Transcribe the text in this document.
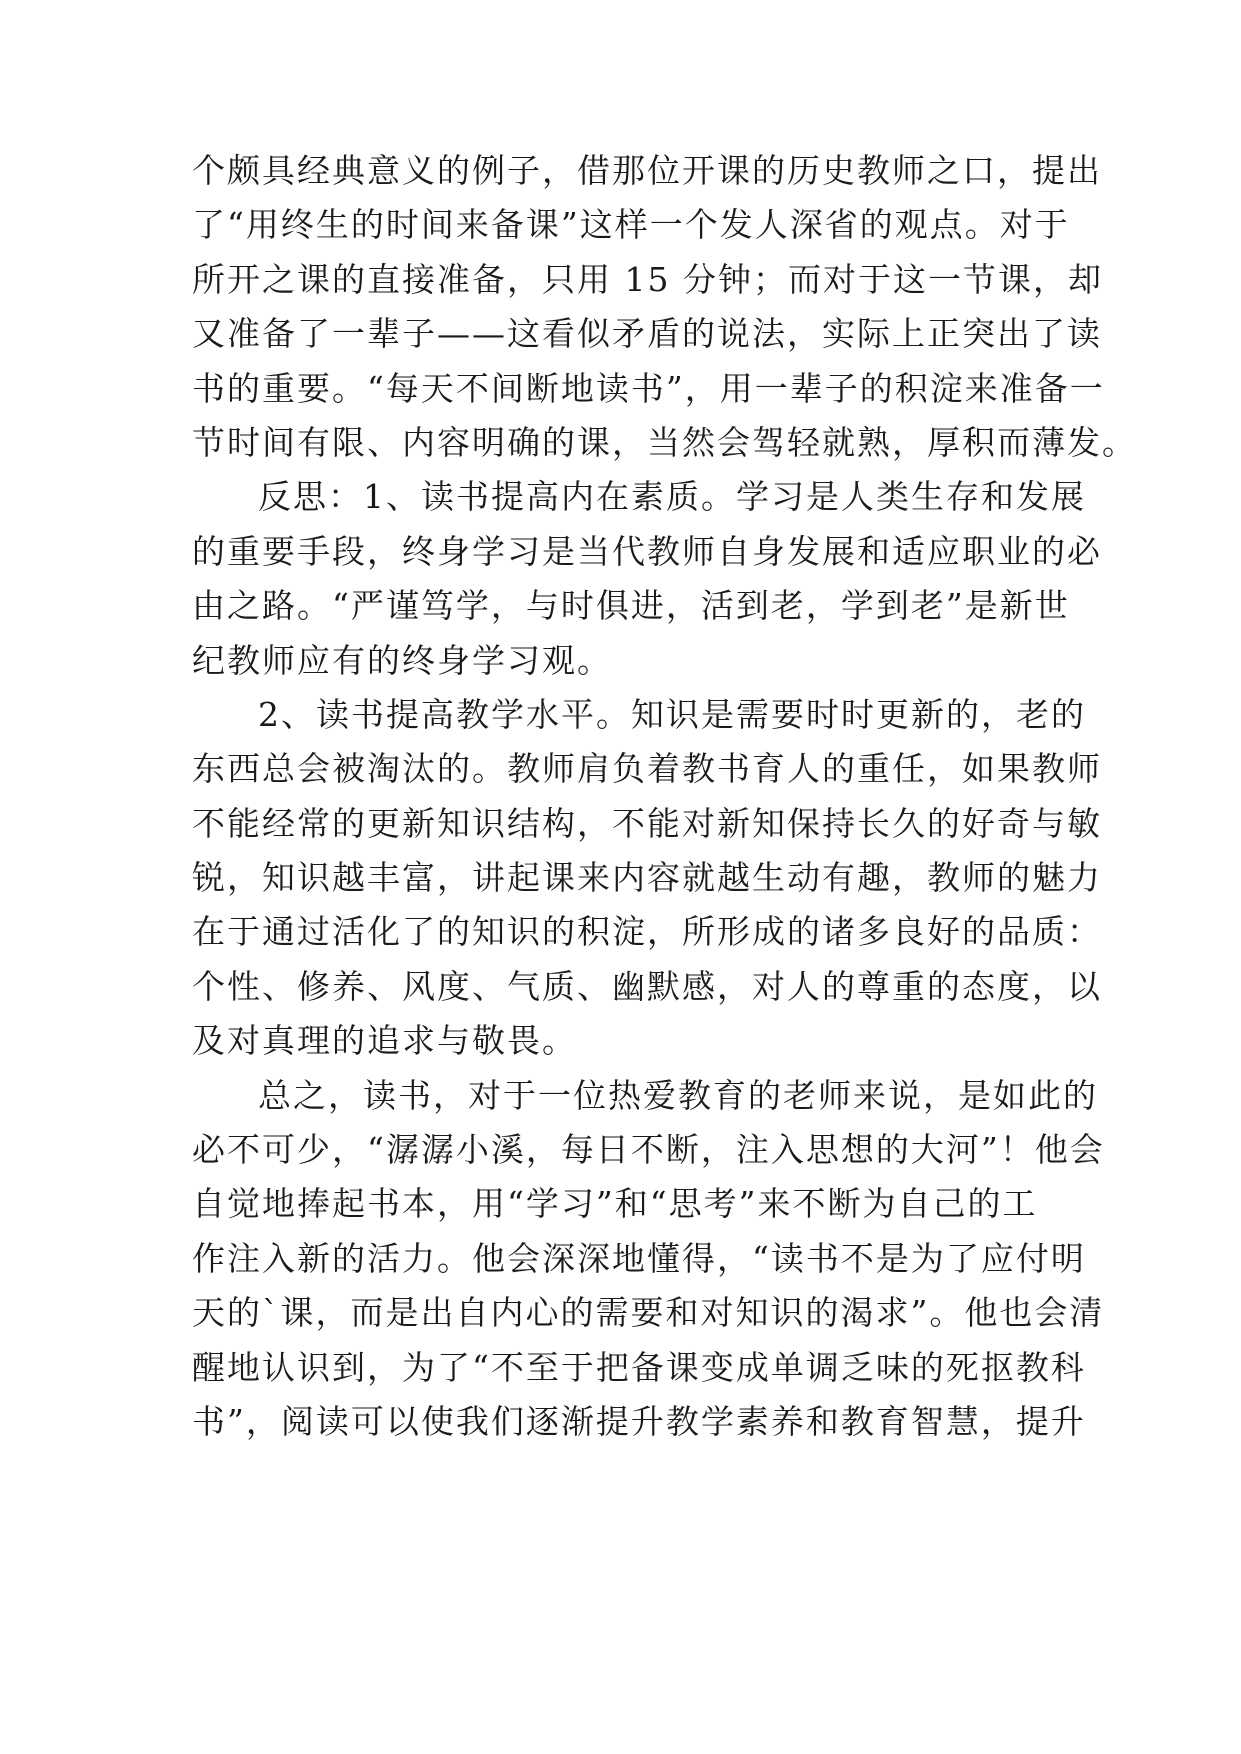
个颇具经典意义的例子，借那位开课的历史教师之口，提出
了“用终生的时间来备课”这样一个发人深省的观点。对于
所开之课的直接准备，只用 15 分钟；而对于这一节课，却
又准备了一辈子——这看似矛盾的说法，实际上正突出了读
书的重要。“每天不间断地读书”，用一辈子的积淀来准备一
节时间有限、内容明确的课，当然会驾轻就熟，厚积而薄发。
反思：1、读书提高内在素质。学习是人类生存和发展
的重要手段，终身学习是当代教师自身发展和适应职业的必
由之路。“严谨笃学，与时俱进，活到老，学到老”是新世
纪教师应有的终身学习观。
2、读书提高教学水平。知识是需要时时更新的，老的
东西总会被淘汰的。教师肩负着教书育人的重任，如果教师
不能经常的更新知识结构，不能对新知保持长久的好奇与敏
锐，知识越丰富，讲起课来内容就越生动有趣，教师的魅力
在于通过活化了的知识的积淀，所形成的诸多良好的品质：
个性、修养、风度、气质、幽默感，对人的尊重的态度，以
及对真理的追求与敬畏。
总之，读书，对于一位热爱教育的老师来说，是如此的
必不可少，“潺潺小溪，每日不断，注入思想的大河”！他会
自觉地捧起书本，用“学习”和“思考”来不断为自己的工
作注入新的活力。他会深深地懂得，“读书不是为了应付明
天的`课，而是出自内心的需要和对知识的渴求”。他也会清
醒地认识到，为了“不至于把备课变成单调乏味的死抠教科
书”，阅读可以使我们逐渐提升教学素养和教育智慧，提升
